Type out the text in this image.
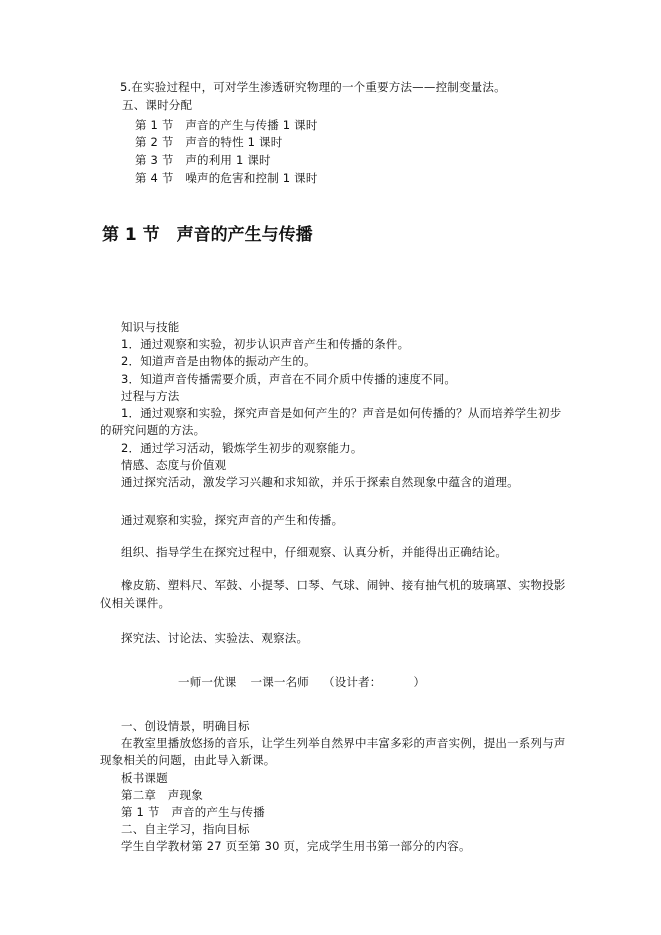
5.在实验过程中，可对学生渗透研究物理的一个重要方法——控制变量法。
五、课时分配
第 1 节　声音的产生与传播 1 课时
第 2 节　声音的特性 1 课时
第 3 节　声的利用 1 课时
第 4 节　噪声的危害和控制 1 课时
第 1 节　声音的产生与传播
知识与技能
1．通过观察和实验，初步认识声音产生和传播的条件。
2．知道声音是由物体的振动产生的。
3．知道声音传播需要介质，声音在不同介质中传播的速度不同。
过程与方法
1．通过观察和实验，探究声音是如何产生的？声音是如何传播的？从而培养学生初步
的研究问题的方法。
2．通过学习活动，锻炼学生初步的观察能力。
情感、态度与价值观
通过探究活动，激发学习兴趣和求知欲，并乐于探索自然现象中蕴含的道理。
通过观察和实验，探究声音的产生和传播。
组织、指导学生在探究过程中，仔细观察、认真分析，并能得出正确结论。
橡皮筋、塑料尺、军鼓、小提琴、口琴、气球、闹钟、接有抽气机的玻璃罩、实物投影
仪相关课件。
探究法、讨论法、实验法、观察法。
一师一优课 一课一名师 （设计者：	）
一、创设情景，明确目标
在教室里播放悠扬的音乐，让学生列举自然界中丰富多彩的声音实例，提出一系列与声
现象相关的问题，由此导入新课。
板书课题
第二章　声现象
第 1 节　声音的产生与传播
二、自主学习，指向目标
学生自学教材第 27 页至第 30 页，完成学生用书第一部分的内容。
